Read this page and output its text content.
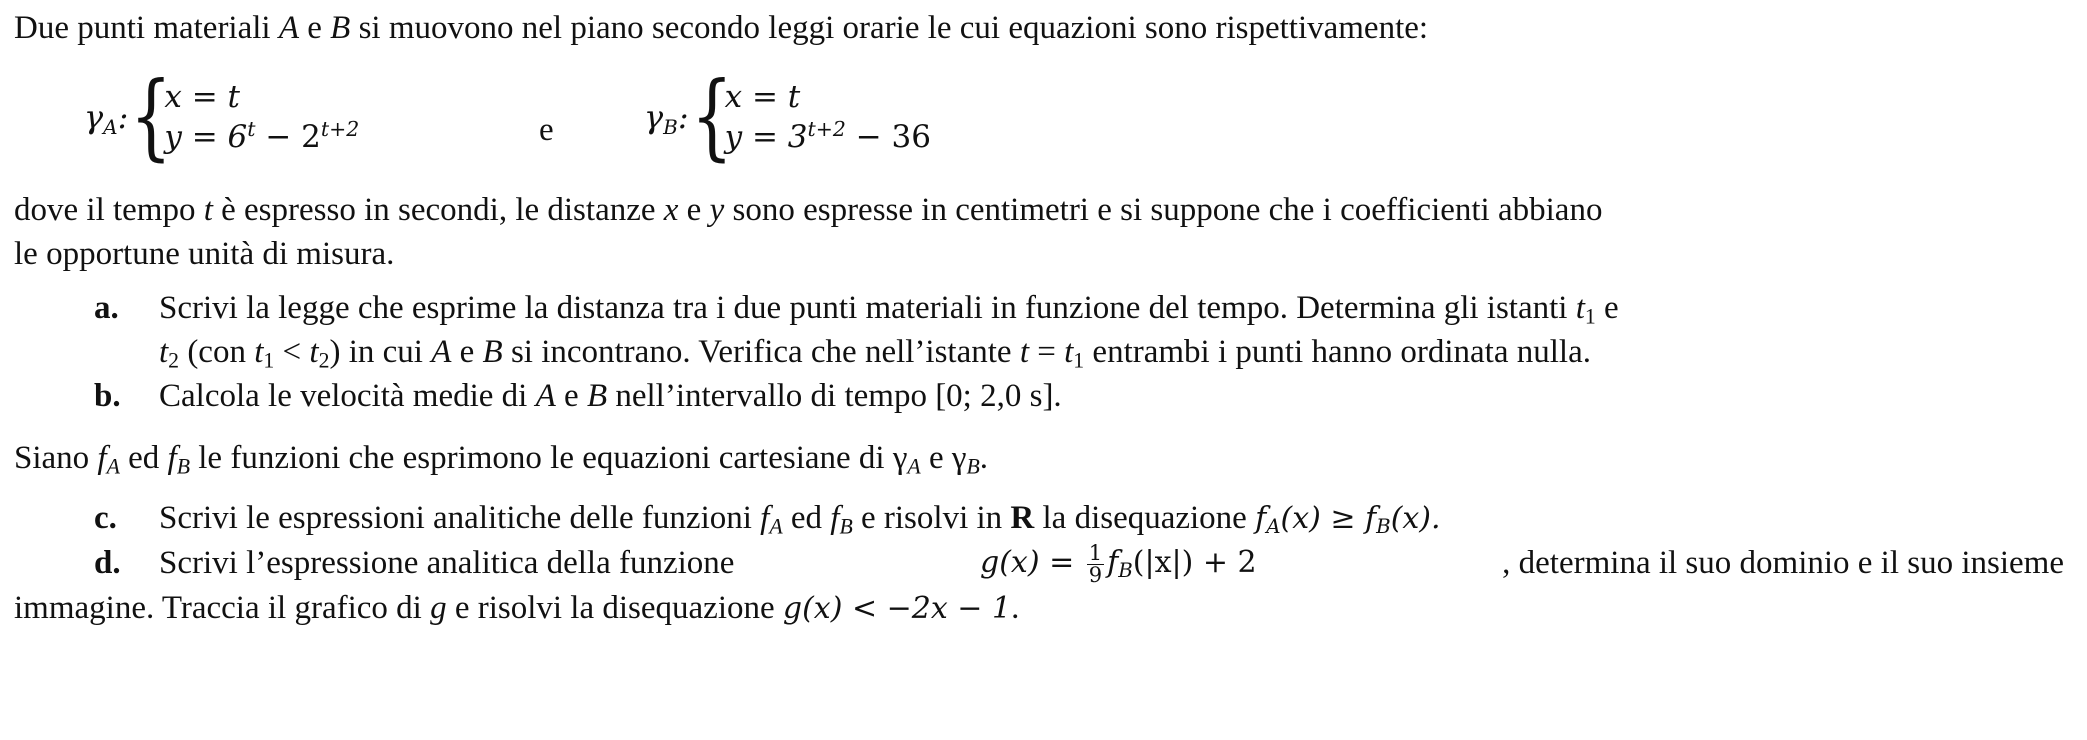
Due punti materiali A e B si muovono nel piano secondo leggi orarie le cui equazioni sono rispettivamente:

$\gamma_A$: {
x = t
$y = 6^t - 2^{t+2}$	e	$\gamma_B$: {
x = t
$y = 3^{t+2} - 36$

dove il tempo t è espresso in secondi, le distanze x e y sono espresse in centimetri e si suppone che i coefficienti abbiano

le opportune unità di misura.

a. Scrivi la legge che esprime la distanza tra i due punti materiali in funzione del tempo. Determina gli istanti $t_1$ e

$t_2$ (con $t_1 < t_2$) in cui A e B si incontrano. Verifica che nell’istante $t = t_1$ entrambi i punti hanno ordinata nulla.

b. Calcola le velocità medie di A e B nell’intervallo di tempo [0; 2,0 s].

Siano $f_A$ ed $f_B$ le funzioni che esprimono le equazioni cartesiane di $\gamma_A$ e $\gamma_B$.

c. Scrivi le espressioni analitiche delle funzioni $f_A$ ed $f_B$ e risolvi in R la disequazione $f_A(x) \ge f_B(x)$.

d. Scrivi l’espressione analitica della funzione	$g(x) = \frac{1}{9} f_B(|x|) + 2$	, determina il suo dominio e il suo insieme

immagine. Traccia il grafico di g e risolvi la disequazione g(x) < −2x − 1.
